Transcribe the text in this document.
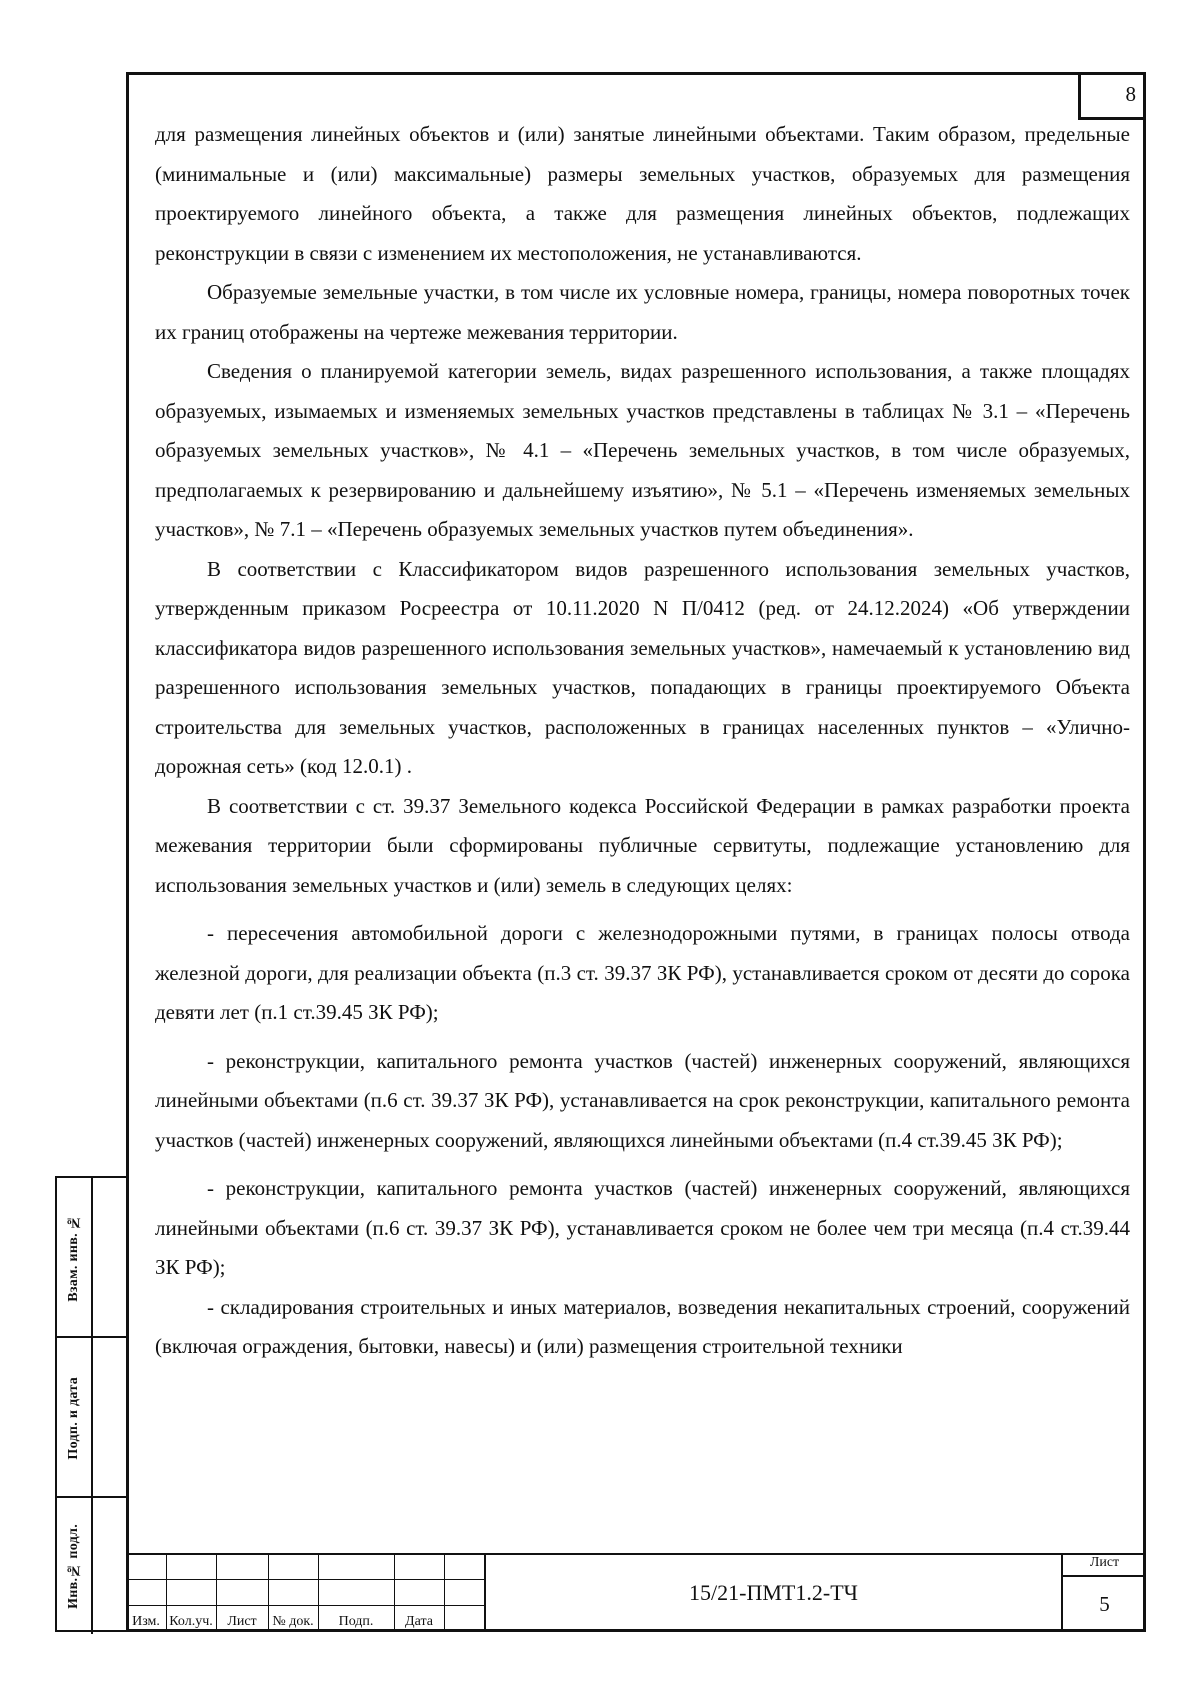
8

для размещения линейных объектов и (или) занятые линейными объектами. Таким образом, предельные (минимальные и (или) максимальные) размеры земельных участков, образуемых для размещения проектируемого линейного объекта, а также для размещения линейных объектов, подлежащих реконструкции в связи с изменением их местоположения, не устанавливаются.

Образуемые земельные участки, в том числе их условные номера, границы, номера поворотных точек их границ отображены на чертеже межевания территории.

Сведения о планируемой категории земель, видах разрешенного использования, а также площадях образуемых, изымаемых и изменяемых земельных участков представлены в таблицах № 3.1 – «Перечень образуемых земельных участков», № 4.1 – «Перечень земельных участков, в том числе образуемых, предполагаемых к резервированию и дальнейшему изъятию», № 5.1 – «Перечень изменяемых земельных участков», № 7.1 – «Перечень образуемых земельных участков путем объединения».

В соответствии с Классификатором видов разрешенного использования земельных участков, утвержденным приказом Росреестра от 10.11.2020 N П/0412 (ред. от 24.12.2024) «Об утверждении классификатора видов разрешенного использования земельных участков», намечаемый к установлению вид разрешенного использования земельных участков, попадающих в границы проектируемого Объекта строительства для земельных участков, расположенных в границах населенных пунктов – «Улично-дорожная сеть» (код 12.0.1) .

В соответствии с ст. 39.37 Земельного кодекса Российской Федерации в рамках разработки проекта межевания территории были сформированы публичные сервитуты, подлежащие установлению для использования земельных участков и (или) земель в следующих целях:

- пересечения автомобильной дороги с железнодорожными путями, в границах полосы отвода железной дороги, для реализации объекта (п.3 ст. 39.37 ЗК РФ), устанавливается сроком от десяти до сорока девяти лет (п.1 ст.39.45 ЗК РФ);

- реконструкции, капитального ремонта участков (частей) инженерных сооружений, являющихся линейными объектами (п.6 ст. 39.37 ЗК РФ), устанавливается на срок реконструкции, капитального ремонта участков (частей) инженерных сооружений, являющихся линейными объектами (п.4 ст.39.45 ЗК РФ);

- реконструкции, капитального ремонта участков (частей) инженерных сооружений, являющихся линейными объектами (п.6 ст. 39.37 ЗК РФ), устанавливается сроком не более чем три месяца (п.4 ст.39.44 ЗК РФ);

- складирования строительных и иных материалов, возведения некапитальных строений, сооружений (включая ограждения, бытовки, навесы) и (или) размещения строительной техники

Взам. инв. №
Подп. и дата
Инв.№ подл.
Изм. Кол.уч.	Лист	№ док.	Подп.	Дата
15/21-ПМТ1.2-ТЧ
Лист
5
